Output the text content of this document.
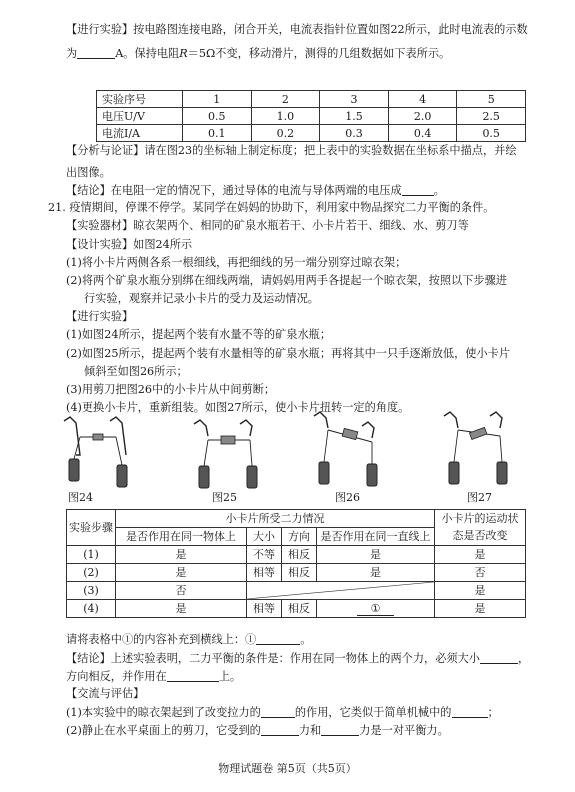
【进行实验】按电路图连接电路，闭合开关，电流表指针位置如图22所示，此时电流表的示数
为	A。保持电阻R＝5Ω不变，移动滑片，测得的几组数据如下表所示。
实验序号	1	2	3	4	5
电压U/V	0.5	1.0	1.5	2.0	2.5
电流I/A	0.1	0.2	0.3	0.4	0.5
【分析与论证】请在图23的坐标轴上制定标度；把上表中的实验数据在坐标系中描点，并绘
出图像。
【结论】在电阻一定的情况下，通过导体的电流与导体两端的电压成	。
21. 疫情期间，停课不停学。某同学在妈妈的协助下，利用家中物品探究二力平衡的条件。
【实验器材】晾衣架两个、相同的矿泉水瓶若干、小卡片若干、细线、水、剪刀等
【设计实验】如图24所示
(1)将小卡片两侧各系一根细线，再把细线的另一端分别穿过晾衣架；
(2)将两个矿泉水瓶分别绑在细线两端，请妈妈用两手各提起一个晾衣架，按照以下步骤进
行实验，观察并记录小卡片的受力及运动情况。
【进行实验】
(1)如图24所示，提起两个装有水量不等的矿泉水瓶；
(2)如图25所示，提起两个装有水量相等的矿泉水瓶；再将其中一只手逐渐放低，使小卡片
倾斜至如图26所示；
(3)用剪刀把图26中的小卡片从中间剪断；
(4)更换小卡片，重新组装。如图27所示，使小卡片扭转一定的角度。
图24	图25	图26	图27
实验步骤	小卡片所受二力情况				小卡片的运动状
态是否改变
	是否作用在同一物体上	大小	方向	是否作用在同一直线上	
(1)	是	不等	相反	是	是
(2)	是	相等	相反	是	否
(3)	否				是
(4)	是	相等	相反	①	是
请将表格中①的内容补充到横线上：①	。
【结论】上述实验表明，二力平衡的条件是：作用在同一物体上的两个力，必须大小	，
方向相反，并作用在	上。
【交流与评估】
(1)本实验中的晾衣架起到了改变拉力的	的作用，它类似于简单机械中的	；
(2)静止在水平桌面上的剪刀，它受到的	力和	力是一对平衡力。
物理试题卷 第5页（共5页）
